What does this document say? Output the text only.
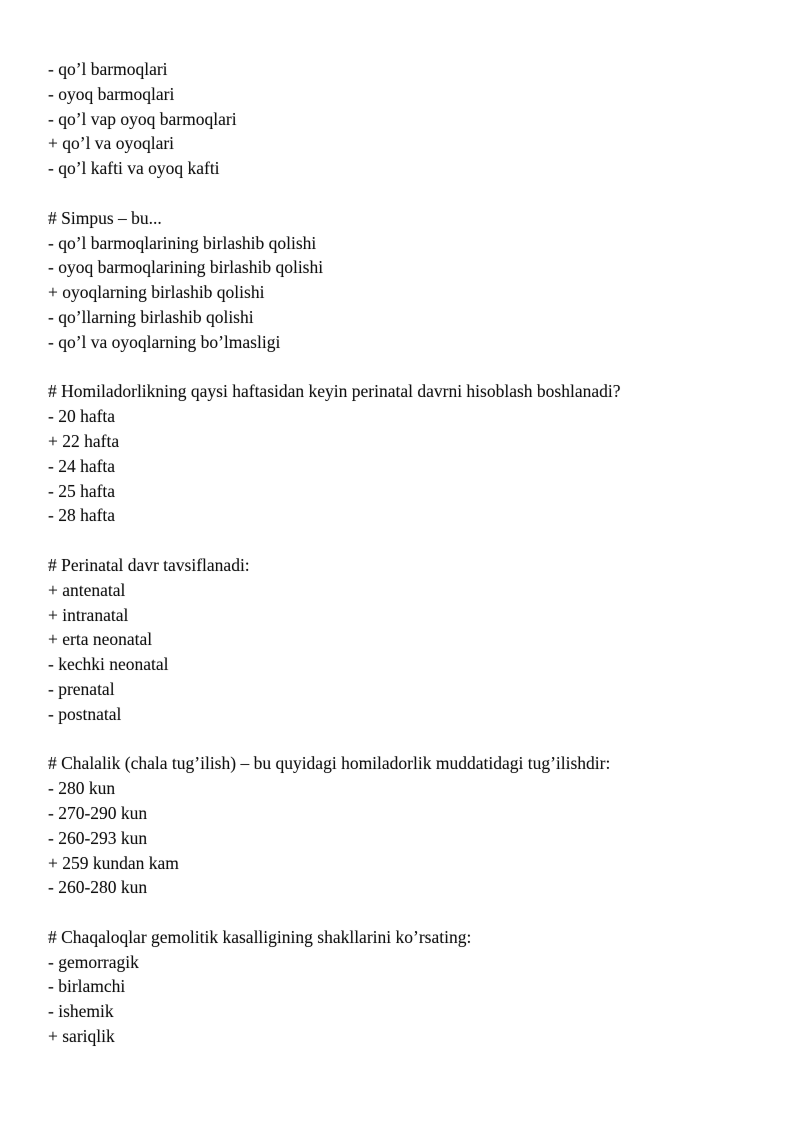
- qo’l barmoqlari
- oyoq barmoqlari
- qo’l vap oyoq barmoqlari
+ qo’l va oyoqlari
- qo’l kafti va oyoq kafti
# Simpus – bu...
- qo’l barmoqlarining birlashib qolishi
- oyoq barmoqlarining birlashib qolishi
+ oyoqlarning birlashib qolishi
- qo’llarning birlashib qolishi
- qo’l va oyoqlarning bo’lmasligi
# Homiladorlikning qaysi haftasidan keyin perinatal davrni hisoblash boshlanadi?
- 20 hafta
+ 22 hafta
- 24 hafta
- 25 hafta
- 28 hafta
# Perinatal davr tavsiflanadi:
+ antenatal
+ intranatal
+ erta neonatal
- kechki neonatal
- prenatal
- postnatal
# Chalalik (chala tug’ilish) – bu quyidagi homiladorlik muddatidagi tug’ilishdir:
- 280 kun
- 270-290 kun
- 260-293 kun
+ 259 kundan kam
- 260-280 kun
# Chaqaloqlar gemolitik kasalligining shakllarini ko’rsating:
- gemorragik
- birlamchi
- ishemik
+ sariqlik
